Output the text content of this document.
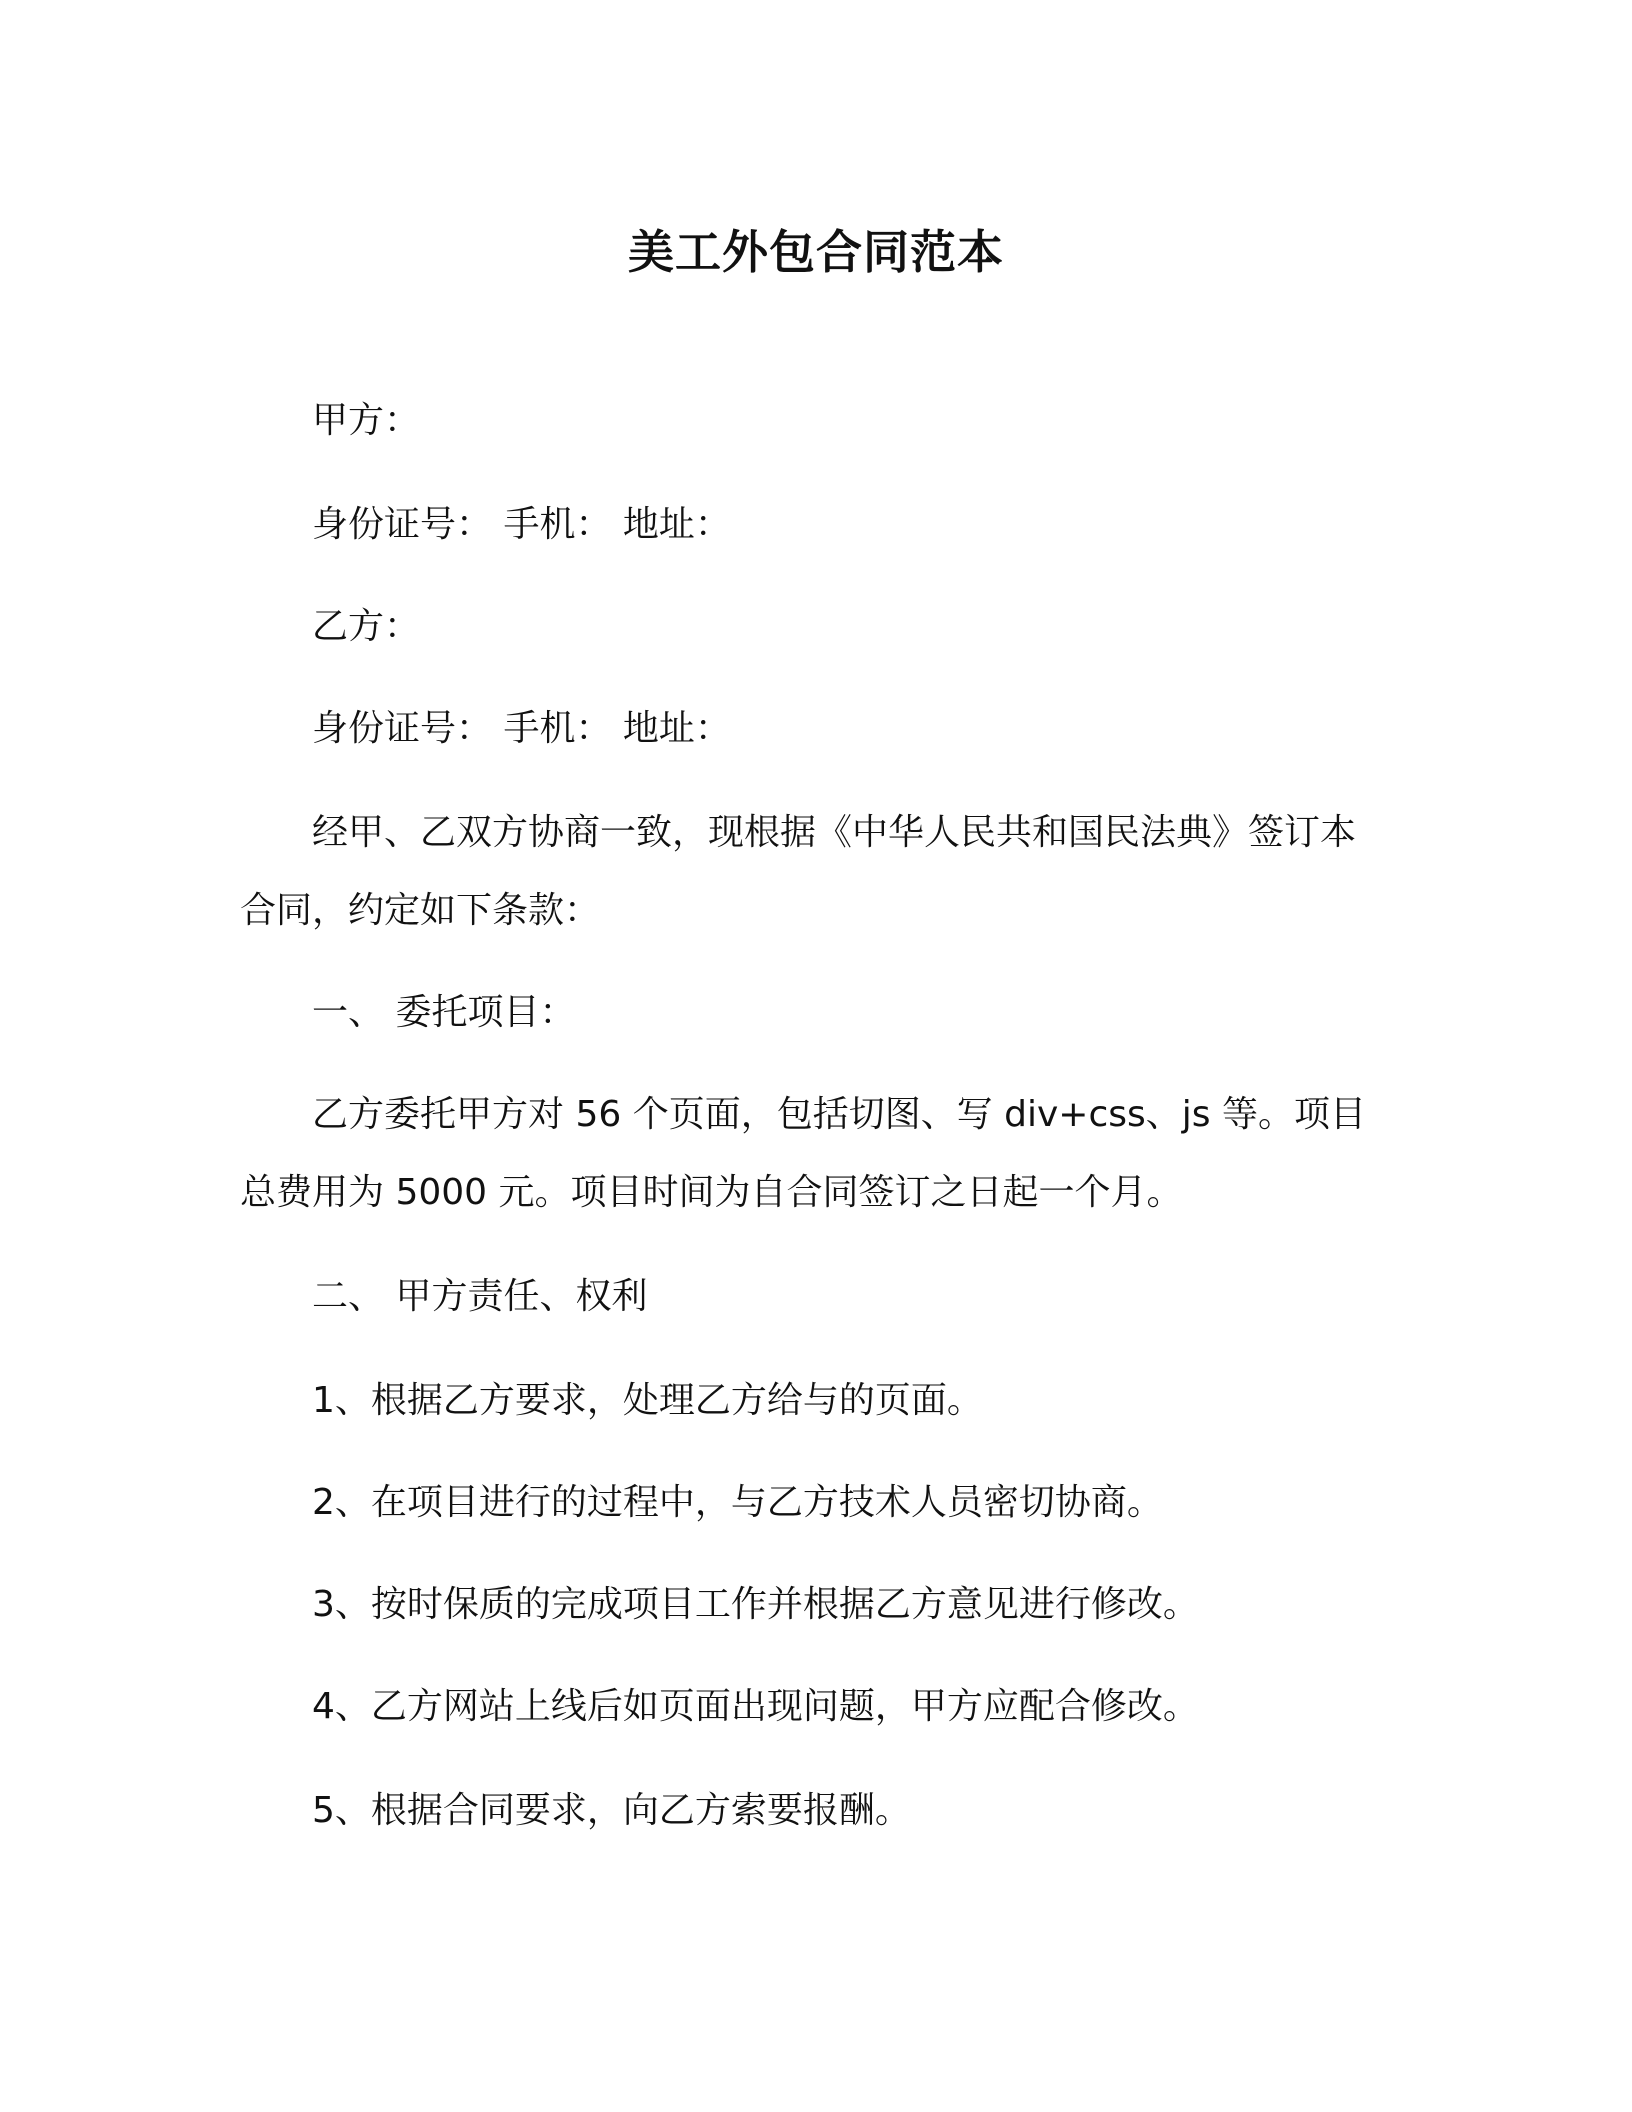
美工外包合同范本
甲方：
身份证号： 手机： 地址：
乙方：
身份证号： 手机： 地址：
经甲、乙双方协商一致，现根据《中华人民共和国民法典》签订本合同，约定如下条款：
一、 委托项目：
乙方委托甲方对 56 个页面，包括切图、写 div+css、js 等。项目总费用为 5000 元。项目时间为自合同签订之日起一个月。
二、 甲方责任、权利
1、根据乙方要求，处理乙方给与的页面。
2、在项目进行的过程中，与乙方技术人员密切协商。
3、按时保质的完成项目工作并根据乙方意见进行修改。
4、乙方网站上线后如页面出现问题，甲方应配合修改。
5、根据合同要求，向乙方索要报酬。
